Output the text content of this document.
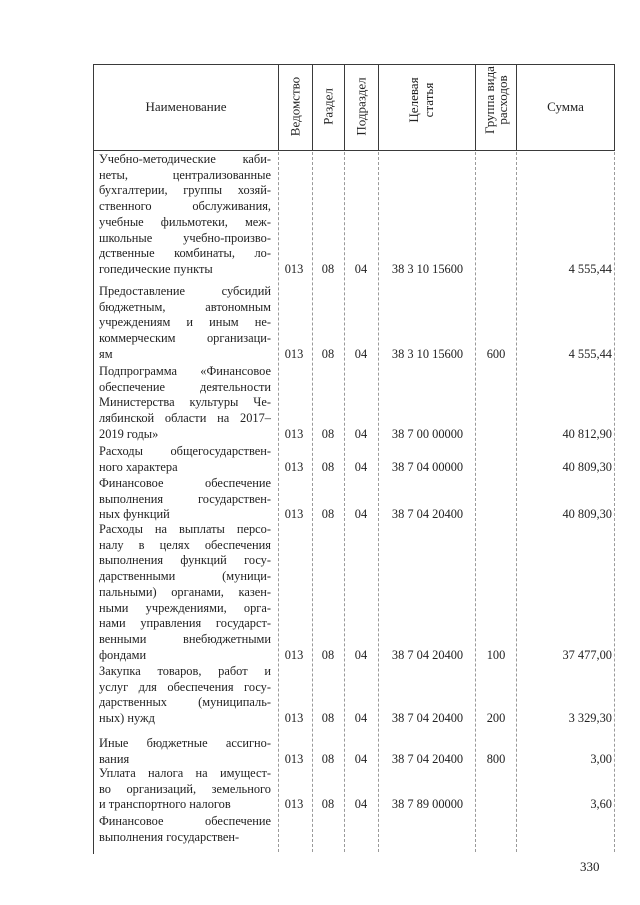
Наименование	Ведомство Раздел Подраздел	Целевая статья	Группа вида расходов	Сумма
Учебно-методические каби-
неты, централизованные
бухгалтерии, группы хозяй-
ственного обслуживания,
учебные фильмотеки, меж-
школьные учебно-произво-
дственные комбинаты, ло-
гопедические пункты	013	08	04	38 3 10 15600	4 555,44
Предоставление субсидий
бюджетным, автономным
учреждениям и иным не-
коммерческим организаци-
ям	013	08	04	38 3 10 15600	600	4 555,44
Подпрограмма «Финансовое
обеспечение деятельности
Министерства культуры Че-
лябинской области на 2017–
2019 годы»	013	08	04	38 7 00 00000	40 812,90
Расходы общегосударствен-
ного характера	013	08	04	38 7 04 00000	40 809,30
Финансовое обеспечение
выполнения государствен-
ных функций	013	08	04	38 7 04 20400	40 809,30
Расходы на выплаты персо-
налу в целях обеспечения
выполнения функций госу-
дарственными (муници-
пальными) органами, казен-
ными учреждениями, орга-
нами управления государст-
венными внебюджетными
фондами	013	08	04	38 7 04 20400	100	37 477,00
Закупка товаров, работ и
услуг для обеспечения госу-
дарственных (муниципаль-
ных) нужд	013	08	04	38 7 04 20400	200	3 329,30
Иные бюджетные ассигно-
вания	013	08	04	38 7 04 20400	800	3,00
Уплата налога на имущест-
во организаций, земельного
и транспортного налогов	013	08	04	38 7 89 00000	3,60
Финансовое обеспечение
выполнения государствен-
330
